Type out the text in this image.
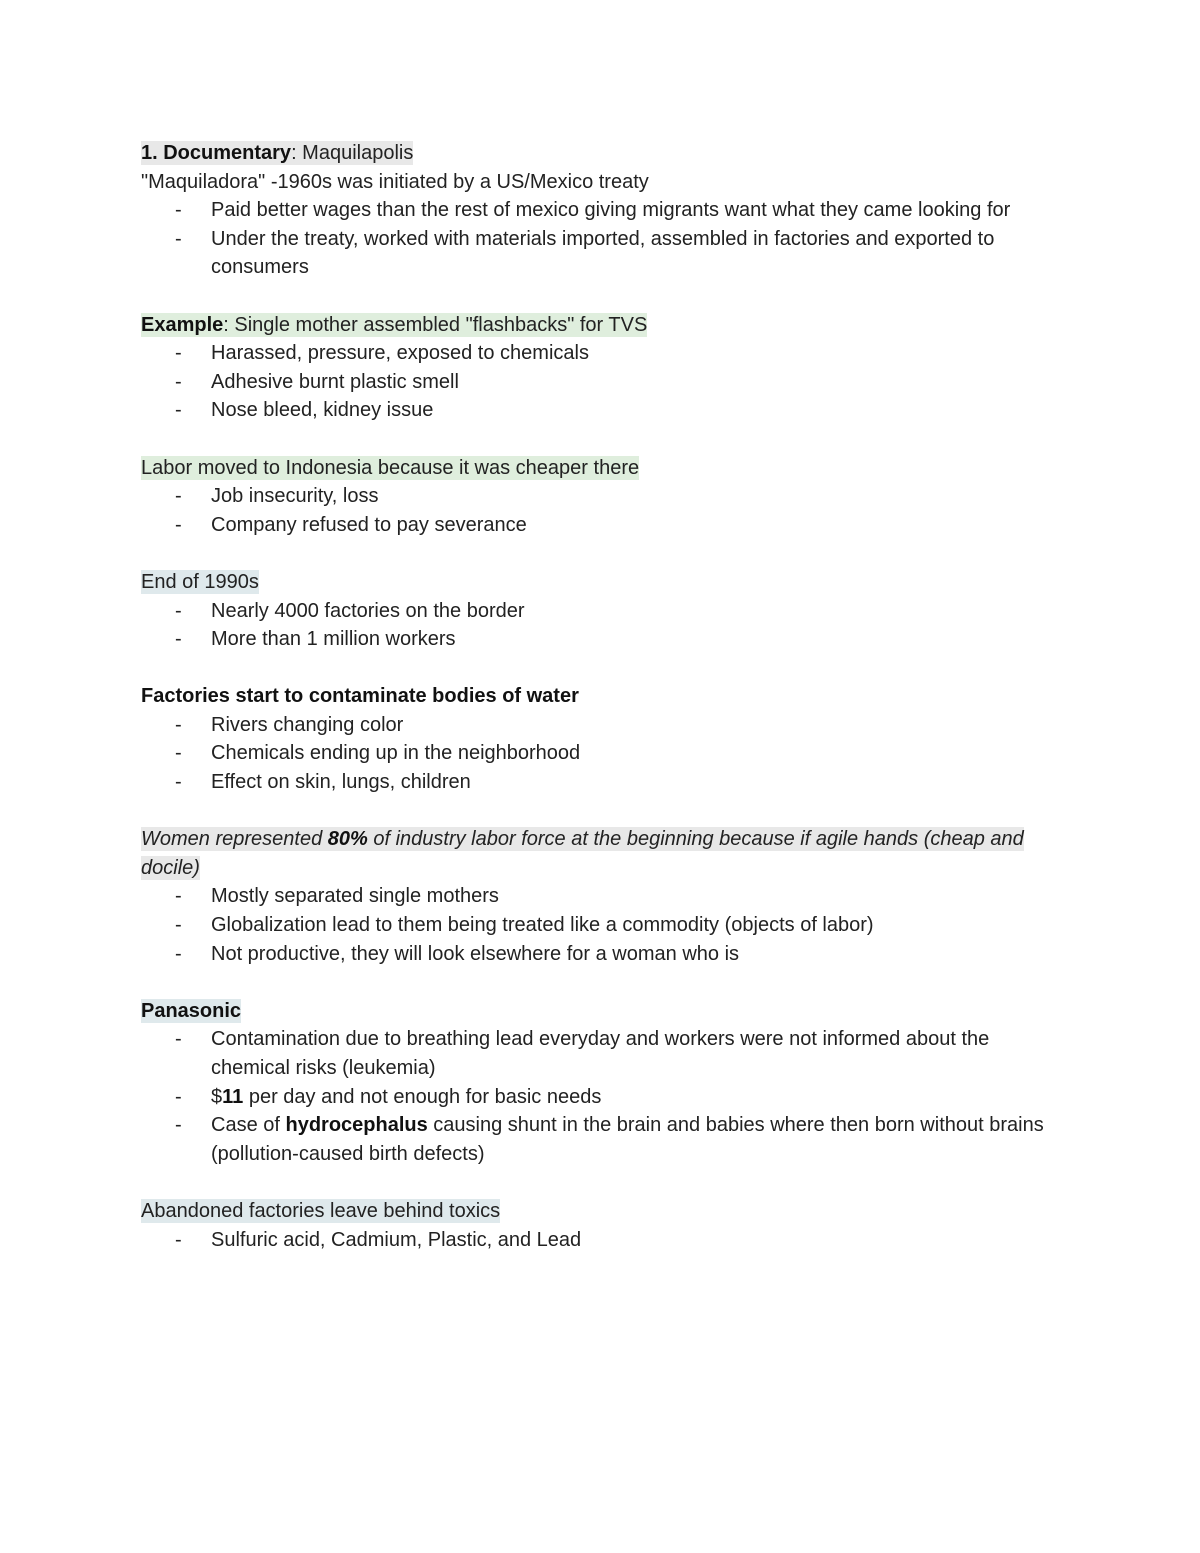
1. Documentary: Maquilapolis

"Maquiladora" -1960s was initiated by a US/Mexico treaty

- Paid better wages than the rest of mexico giving migrants want what they came looking for
- Under the treaty, worked with materials imported, assembled in factories and exported to consumers

Example: Single mother assembled "flashbacks" for TVS

- Harassed, pressure, exposed to chemicals
- Adhesive burnt plastic smell
- Nose bleed, kidney issue

Labor moved to Indonesia because it was cheaper there

- Job insecurity, loss
- Company refused to pay severance

End of 1990s

- Nearly 4000 factories on the border
- More than 1 million workers

Factories start to contaminate bodies of water

- Rivers changing color
- Chemicals ending up in the neighborhood
- Effect on skin, lungs, children

Women represented 80% of industry labor force at the beginning because if agile hands (cheap and docile)

- Mostly separated single mothers
- Globalization lead to them being treated like a commodity (objects of labor)
- Not productive, they will look elsewhere for a woman who is

Panasonic

- Contamination due to breathing lead everyday and workers were not informed about the chemical risks (leukemia)
- $11 per day and not enough for basic needs
- Case of hydrocephalus causing shunt in the brain and babies where then born without brains (pollution-caused birth defects)

Abandoned factories leave behind toxics

- Sulfuric acid, Cadmium, Plastic, and Lead
